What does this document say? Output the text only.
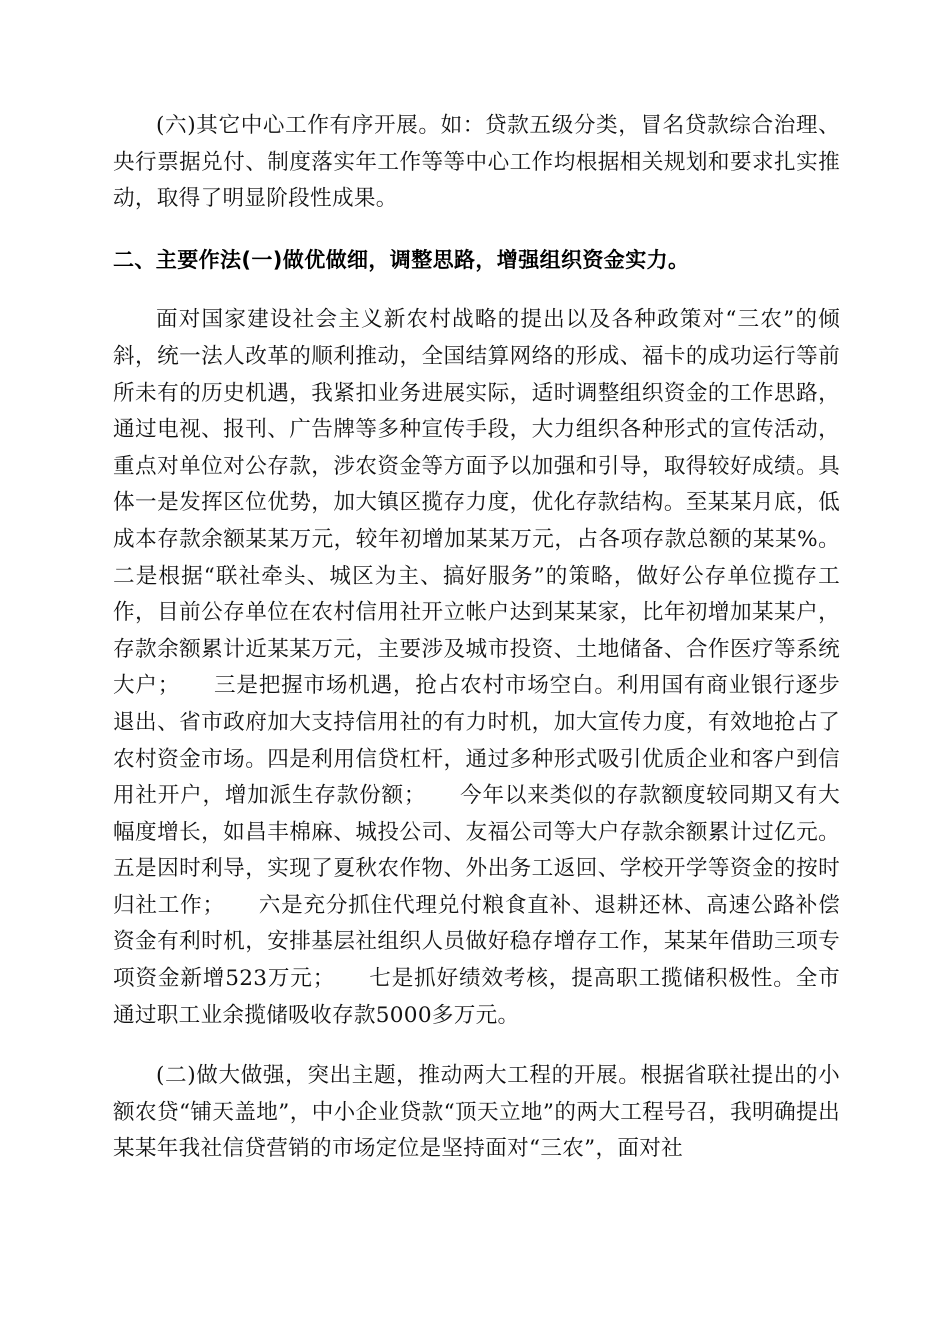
(六)其它中心工作有序开展。如：贷款五级分类，冒名贷款综合治理、央行票据兑付、制度落实年工作等等中心工作均根据相关规划和要求扎实推动，取得了明显阶段性成果。

二、主要作法(一)做优做细，调整思路，增强组织资金实力。

面对国家建设社会主义新农村战略的提出以及各种政策对“三农”的倾斜，统一法人改革的顺利推动，全国结算网络的形成、福卡的成功运行等前所未有的历史机遇，我紧扣业务进展实际，适时调整组织资金的工作思路，通过电视、报刊、广告牌等多种宣传手段，大力组织各种形式的宣传活动，重点对单位对公存款，涉农资金等方面予以加强和引导，取得较好成绩。具体一是发挥区位优势，加大镇区揽存力度，优化存款结构。至某某月底，低成本存款余额某某万元，较年初增加某某万元，占各项存款总额的某某%。二是根据“联社牵头、城区为主、搞好服务”的策略，做好公存单位揽存工作，目前公存单位在农村信用社开立帐户达到某某家，比年初增加某某户，存款余额累计近某某万元，主要涉及城市投资、土地储备、合作医疗等系统大户；　　三是把握市场机遇，抢占农村市场空白。利用国有商业银行逐步退出、省市政府加大支持信用社的有力时机，加大宣传力度，有效地抢占了农村资金市场。四是利用信贷杠杆，通过多种形式吸引优质企业和客户到信用社开户，增加派生存款份额；　　今年以来类似的存款额度较同期又有大幅度增长，如昌丰棉麻、城投公司、友福公司等大户存款余额累计过亿元。五是因时利导，实现了夏秋农作物、外出务工返回、学校开学等资金的按时归社工作；　　六是充分抓住代理兑付粮食直补、退耕还林、高速公路补偿资金有利时机，安排基层社组织人员做好稳存增存工作，某某年借助三项专项资金新增523万元；　　七是抓好绩效考核，提高职工揽储积极性。全市通过职工业余揽储吸收存款5000多万元。

(二)做大做强，突出主题，推动两大工程的开展。根据省联社提出的小额农贷“铺天盖地”，中小企业贷款“顶天立地”的两大工程号召，我明确提出某某年我社信贷营销的市场定位是坚持面对“三农”，面对社
